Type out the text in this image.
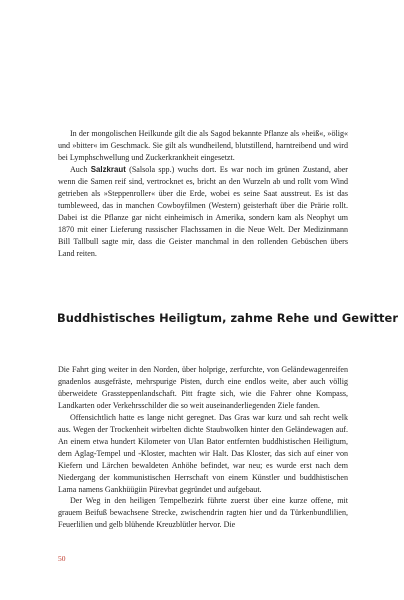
In der mongolischen Heilkunde gilt die als Sagod bekannte Pflanze als »heiß«, »ölig« und »bitter« im Geschmack. Sie gilt als wundheilend, blutstillend, harntreibend und wird bei Lymphschwellung und Zuckerkrankheit eingesetzt.

Auch Salzkraut (Salsola spp.) wuchs dort. Es war noch im grünen Zustand, aber wenn die Samen reif sind, vertrocknet es, bricht an den Wurzeln ab und rollt vom Wind getrieben als »Steppenroller« über die Erde, wobei es seine Saat ausstreut. Es ist das tumbleweed, das in manchen Cowboyfilmen (Western) geisterhaft über die Prärie rollt. Dabei ist die Pflanze gar nicht einheimisch in Amerika, sondern kam als Neophyt um 1870 mit einer Lieferung russischer Flachssamen in die Neue Welt. Der Medizinmann Bill Tallbull sagte mir, dass die Geister manchmal in den rollenden Gebüschen übers Land reiten.

Buddhistisches Heiligtum, zahme Rehe und Gewitter

Die Fahrt ging weiter in den Norden, über holprige, zerfurchte, von Geländewagenreifen gnadenlos ausgefräste, mehrspurige Pisten, durch eine endlos weite, aber auch völlig überweidete Grassteppenlandschaft. Pitt fragte sich, wie die Fahrer ohne Kompass, Landkarten oder Verkehrsschilder die so weit auseinanderliegenden Ziele fanden.

Offensichtlich hatte es lange nicht geregnet. Das Gras war kurz und sah recht welk aus. Wegen der Trockenheit wirbelten dichte Staubwolken hinter den Geländewagen auf. An einem etwa hundert Kilometer von Ulan Bator entfernten buddhistischen Heiligtum, dem Aglag-Tempel und -Kloster, machten wir Halt. Das Kloster, das sich auf einer von Kiefern und Lärchen bewaldeten Anhöhe befindet, war neu; es wurde erst nach dem Niedergang der kommunistischen Herrschaft von einem Künstler und buddhistischen Lama namens Gankhüügiin Pürevbat gegründet und aufgebaut.

Der Weg in den heiligen Tempelbezirk führte zuerst über eine kurze offene, mit grauem Beifuß bewachsene Strecke, zwischendrin ragten hier und da Türkenbundlilien, Feuerlilien und gelb blühende Kreuzblütler hervor. Die

50
